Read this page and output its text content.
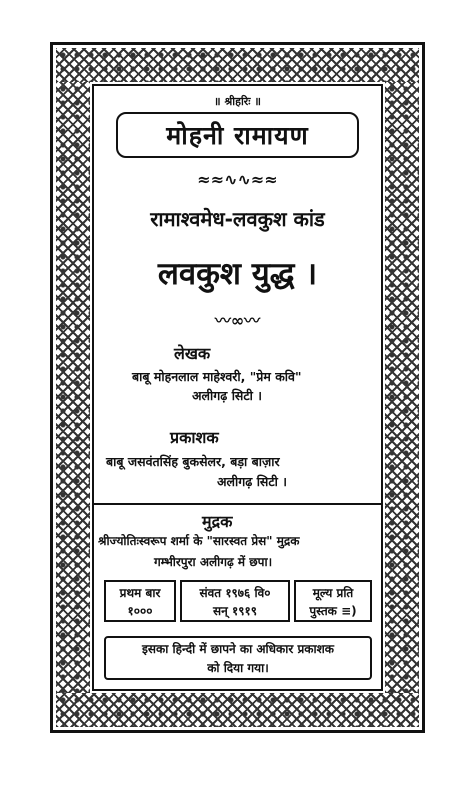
॥ श्रीहरिः ॥
मोहनी रामायण
≈≈∿∿≈≈
रामाश्वमेध-लवकुश कांड
लवकुश युद्ध ।
〰∞〰
लेखक
बाबू मोहनलाल माहेश्वरी, "प्रेम कवि"
अलीगढ़ सिटी ।
प्रकाशक
बाबू जसवंतसिंह बुकसेलर, बड़ा बाज़ार
अलीगढ़ सिटी ।
मुद्रक
श्रीज्योतिःस्वरूप शर्मा के "सारस्वत प्रेस" मुद्रक
गम्भीरपुरा अलीगढ़ में छपा।
प्रथम बार
१०००
संवत १९७६ वि०
सन् १९१९
मूल्य प्रति
पुस्तक ≡)
इसका हिन्दी में छापने का अधिकार प्रकाशक
को दिया गया।
